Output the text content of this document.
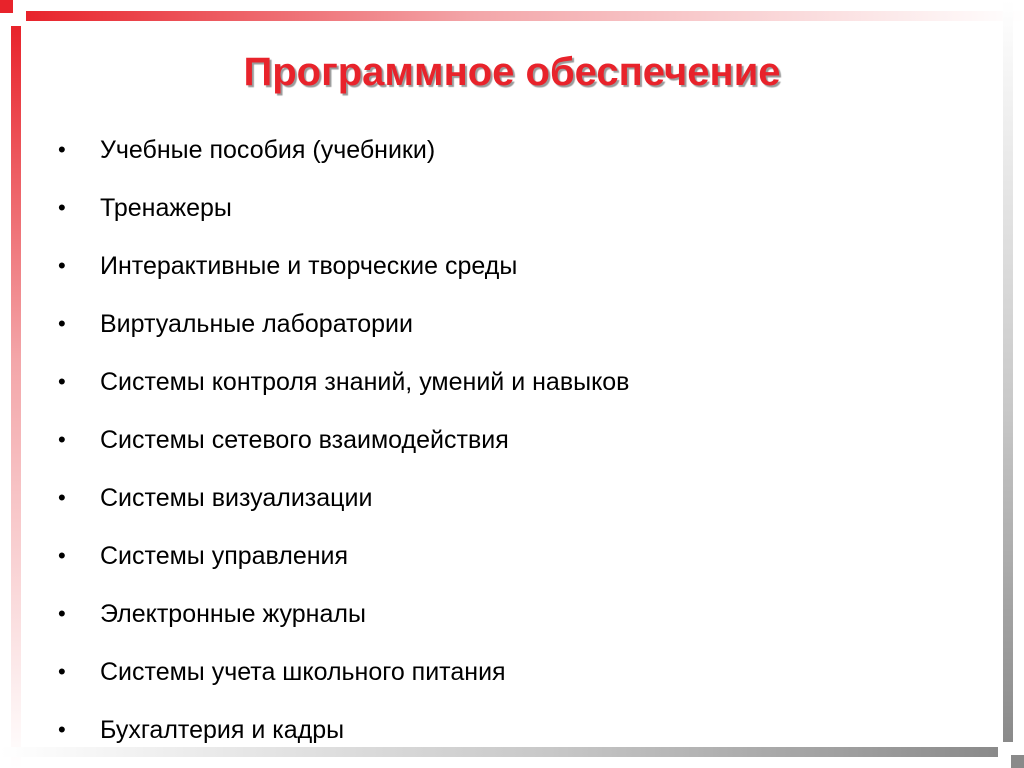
Программное обеспечение
•	Учебные пособия (учебники)
•	Тренажеры
•	Интерактивные и творческие среды
•	Виртуальные лаборатории
•	Системы контроля знаний, умений и навыков
•	Системы сетевого взаимодействия
•	Системы визуализации
•	Системы управления
•	Электронные журналы
•	Системы учета школьного питания
•	Бухгалтерия и кадры
